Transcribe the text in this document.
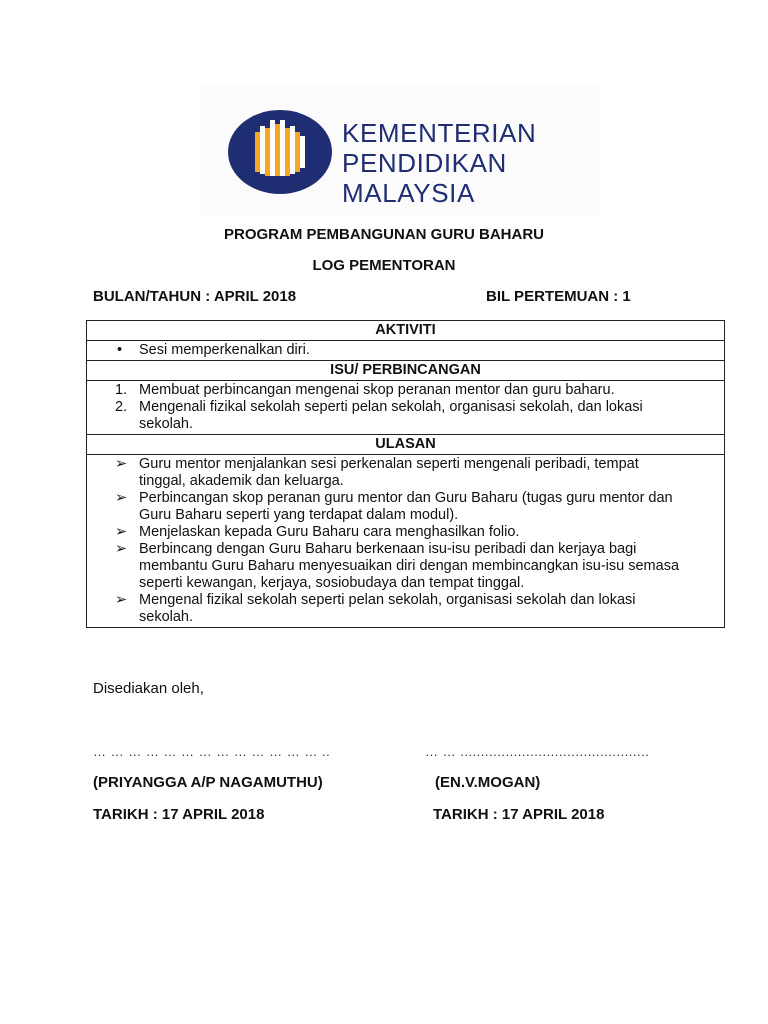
KEMENTERIAN
PENDIDIKAN
MALAYSIA
PROGRAM PEMBANGUNAN GURU BAHARU
LOG PEMENTORAN
BULAN/TAHUN : APRIL 2018	BIL PERTEMUAN : 1
AKTIVITI

•	Sesi memperkenalkan diri.

ISU/ PERBINCANGAN

1. Membuat perbincangan mengenai skop peranan mentor dan guru baharu.
2. Mengenali fizikal sekolah seperti pelan sekolah, organisasi sekolah, dan lokasi
sekolah.

ULASAN

➢ Guru mentor menjalankan sesi perkenalan seperti mengenali peribadi, tempat
tinggal, akademik dan keluarga.
➢ Perbincangan skop peranan guru mentor dan Guru Baharu (tugas guru mentor dan
Guru Baharu seperti yang terdapat dalam modul).
➢ Menjelaskan kepada Guru Baharu cara menghasilkan folio.
➢ Berbincang dengan Guru Baharu berkenaan isu-isu peribadi dan kerjaya bagi
membantu Guru Baharu menyesuaikan diri dengan membincangkan isu-isu semasa
seperti kewangan, kerjaya, sosiobudaya dan tempat tinggal.
➢ Mengenal fizikal sekolah seperti pelan sekolah, organisasi sekolah dan lokasi
sekolah.
Disediakan oleh,
… … … … … … … … … … … … … ..	… … ..............................................
(PRIYANGGA A/P NAGAMUTHU)	(EN.V.MOGAN)
TARIKH : 17 APRIL 2018	TARIKH : 17 APRIL 2018
